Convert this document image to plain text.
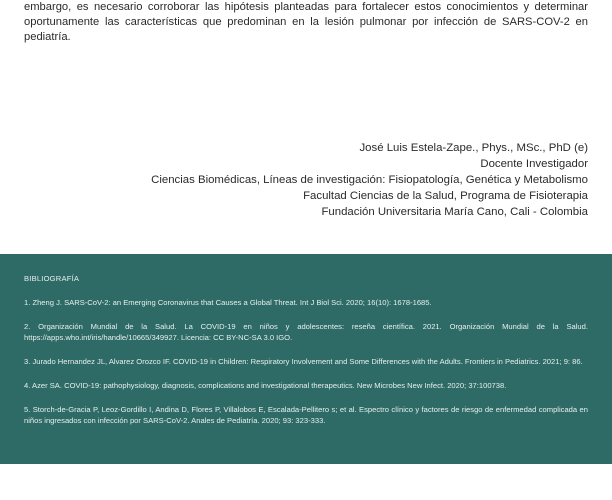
embargo, es necesario corroborar las hipótesis planteadas para fortalecer estos conocimientos y determinar oportunamente las características que predominan en la lesión pulmonar por infección de SARS-COV-2 en pediatría.

José Luis Estela-Zape., Phys., MSc., PhD (e)
Docente Investigador
Ciencias Biomédicas, Líneas de investigación: Fisiopatología, Genética y Metabolismo
Facultad Ciencias de la Salud, Programa de Fisioterapia
Fundación Universitaria María Cano, Cali - Colombia
BIBLIOGRAFÍA
1. Zheng J. SARS-CoV-2: an Emerging Coronavirus that Causes a Global Threat. Int J Biol Sci. 2020; 16(10): 1678-1685.
2. Organización Mundial de la Salud. La COVID-19 en niños y adolescentes: reseña científica. 2021. Organización Mundial de la Salud. https://apps.who.int/iris/handle/10665/349927. Licencia: CC BY-NC-SA 3.0 IGO.
3. Jurado Hernandez JL, Alvarez Orozco IF. COVID-19 in Children: Respiratory Involvement and Some Differences with the Adults. Frontiers in Pediatrics. 2021; 9: 86.
4. Azer SA. COVID-19: pathophysiology, diagnosis, complications and investigational therapeutics. New Microbes New Infect. 2020; 37:100738.
5. Storch-de-Gracia P, Leoz-Gordillo I, Andina D, Flores P, Villalobos E, Escalada-Pellitero s; et al. Espectro clínico y factores de riesgo de enfermedad complicada en niños ingresados con infección por SARS-CoV-2. Anales de Pediatría. 2020; 93: 323-333.
